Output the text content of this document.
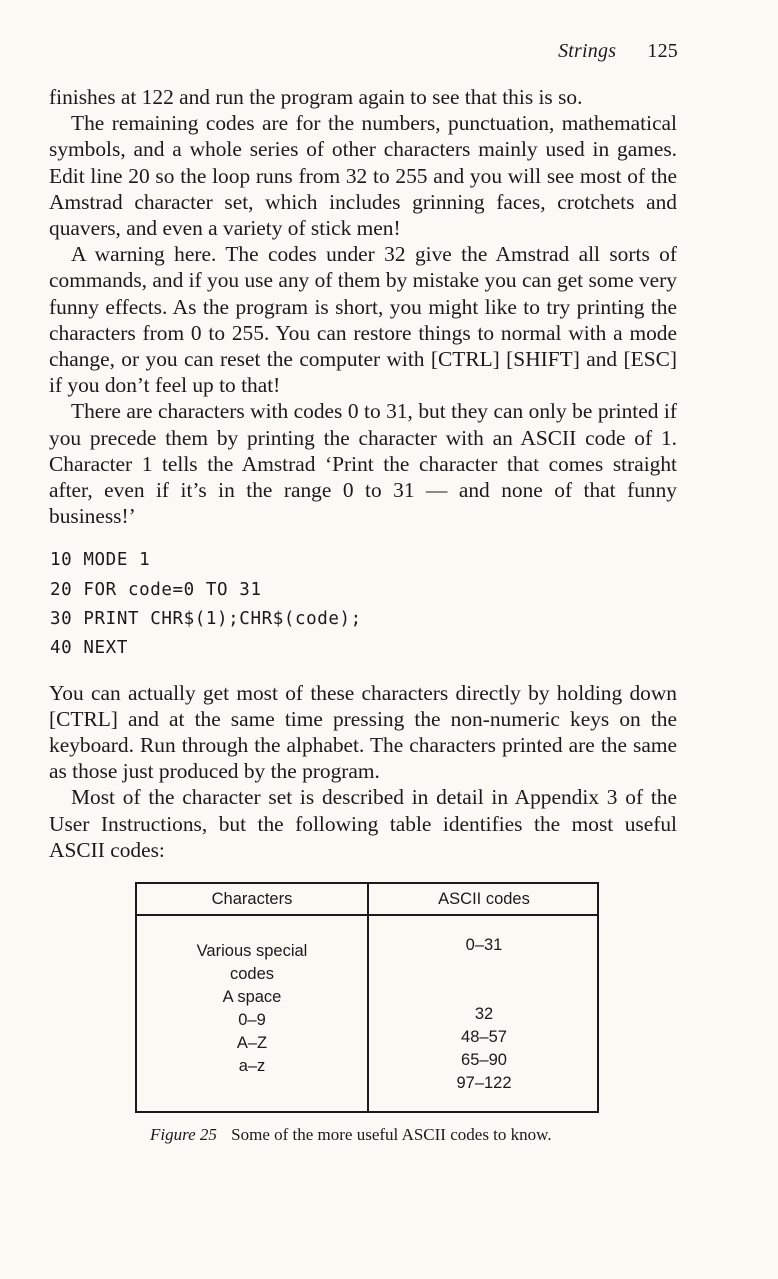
Strings 125

finishes at 122 and run the program again to see that this is so.

The remaining codes are for the numbers, punctuation, mathematical symbols, and a whole series of other characters mainly used in games. Edit line 20 so the loop runs from 32 to 255 and you will see most of the Amstrad character set, which includes grinning faces, crotchets and quavers, and even a variety of stick men!

A warning here. The codes under 32 give the Amstrad all sorts of commands, and if you use any of them by mistake you can get some very funny effects. As the program is short, you might like to try printing the characters from 0 to 255. You can restore things to normal with a mode change, or you can reset the computer with [CTRL] [SHIFT] and [ESC] if you don’t feel up to that!

There are characters with codes 0 to 31, but they can only be printed if you precede them by printing the character with an ASCII code of 1. Character 1 tells the Amstrad ‘Print the character that comes straight after, even if it’s in the range 0 to 31 — and none of that funny business!’

10 MODE 1
20 FOR code=0 TO 31
30 PRINT CHR$(1);CHR$(code);
40 NEXT

You can actually get most of these characters directly by holding down [CTRL] and at the same time pressing the non-numeric keys on the keyboard. Run through the alphabet. The characters printed are the same as those just produced by the program.

Most of the character set is described in detail in Appendix 3 of the User Instructions, but the following table identifies the most useful ASCII codes:

Characters	ASCII codes
Various special
codes
A space
0–9
A–Z
a–z
0–31
32
48–57
65–90
97–122
Figure 25 Some of the more useful ASCII codes to know.
